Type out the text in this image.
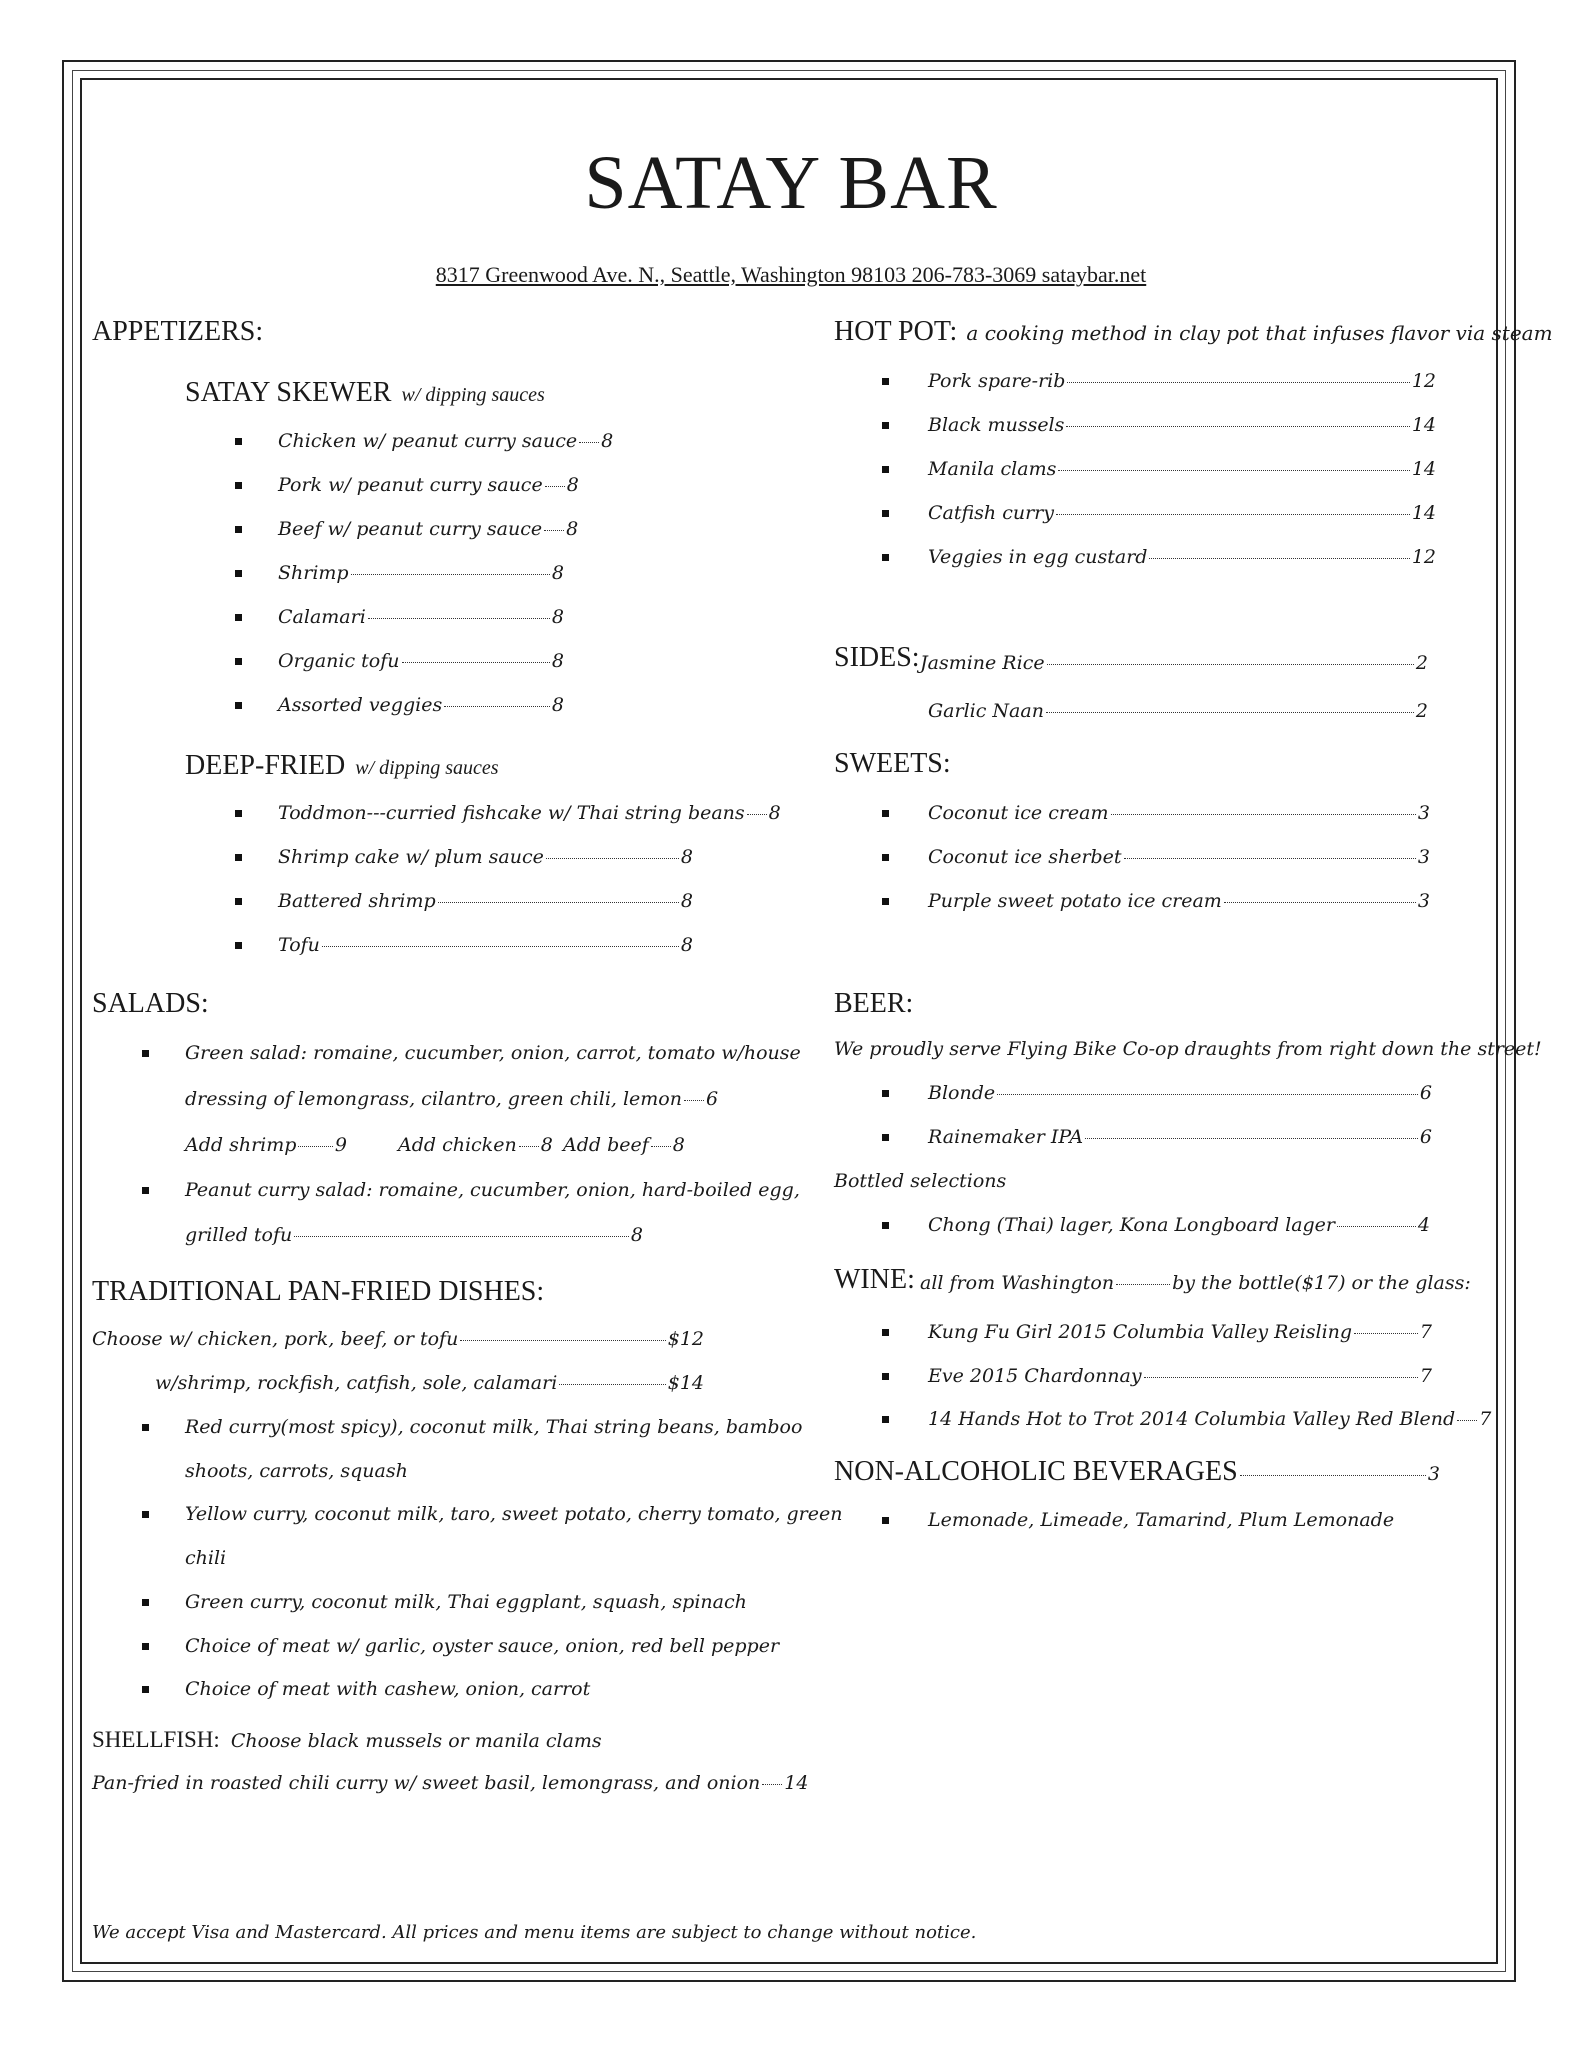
SATAY BAR
8317 Greenwood Ave. N., Seattle, Washington 98103 206-783-3069 sataybar.net
APPETIZERS:
SATAY SKEWER w/ dipping sauces
Chicken w/ peanut curry sauce 8
Pork w/ peanut curry sauce 8
Beef w/ peanut curry sauce 8
Shrimp	8
Calamari	8
Organic tofu	8
Assorted veggies	8
DEEP-FRIED w/ dipping sauces
Toddmon---curried fishcake w/ Thai string beans 8
Shrimp cake w/ plum sauce	8
Battered shrimp	8
Tofu	8
SALADS:
Green salad: romaine, cucumber, onion, carrot, tomato w/house
dressing of lemongrass, cilantro, green chili, lemon 6
Add shrimp 9	Add chicken 8 Add beef 8
Peanut curry salad: romaine, cucumber, onion, hard-boiled egg,
grilled tofu	8
TRADITIONAL PAN-FRIED DISHES:
Choose w/ chicken, pork, beef, or tofu	$12
w/shrimp, rockfish, catfish, sole, calamari	$14
Red curry(most spicy), coconut milk, Thai string beans, bamboo
shoots, carrots, squash
Yellow curry, coconut milk, taro, sweet potato, cherry tomato, green
chili
Green curry, coconut milk, Thai eggplant, squash, spinach
Choice of meat w/ garlic, oyster sauce, onion, red bell pepper
Choice of meat with cashew, onion, carrot
SHELLFISH: Choose black mussels or manila clams
Pan-fried in roasted chili curry w/ sweet basil, lemongrass, and onion 14
We accept Visa and Mastercard. All prices and menu items are subject to change without notice.
HOT POT: a cooking method in clay pot that infuses flavor via steam
Pork spare-rib	12
Black mussels	14
Manila clams	14
Catfish curry	14
Veggies in egg custard	12
SIDES: Jasmine Rice	2
Garlic Naan	2
SWEETS:
Coconut ice cream	3
Coconut ice sherbet	3
Purple sweet potato ice cream	3
BEER:
We proudly serve Flying Bike Co-op draughts from right down the street!
Blonde	6
Rainemaker IPA	6
Bottled selections
Chong (Thai) lager, Kona Longboard lager	4
WINE: all from Washington	by the bottle($17) or the glass:
Kung Fu Girl 2015 Columbia Valley Reisling	7
Eve 2015 Chardonnay	7
14 Hands Hot to Trot 2014 Columbia Valley Red Blend 7
NON-ALCOHOLIC BEVERAGES	3
Lemonade, Limeade, Tamarind, Plum Lemonade
